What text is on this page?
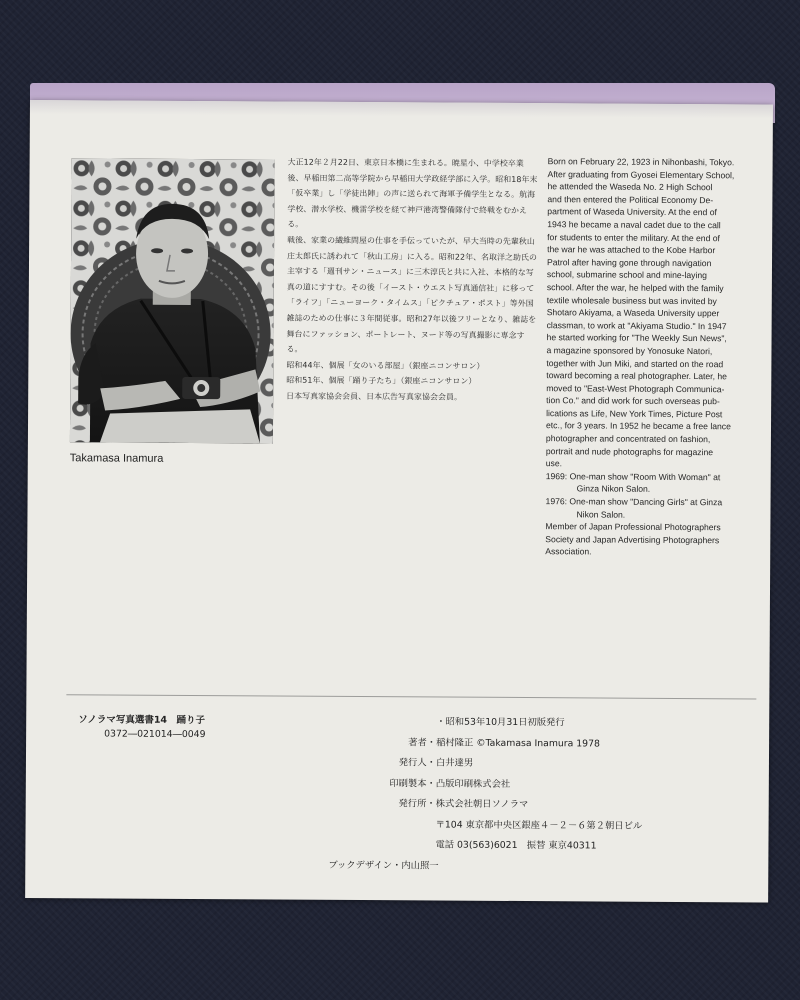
Takamasa Inamura

大正12年２月22日、東京日本橋に生まれる。暁星小、中学校卒業後、早稲田第二高等学院から早稲田大学政経学部に入学。昭和18年末「仮卒業」し「学徒出陣」の声に送られて海軍予備学生となる。航海学校、潜水学校、機雷学校を経て神戸港湾警備隊付で終戦をむかえる。

戦後、家業の繊維問屋の仕事を手伝っていたが、早大当時の先輩秋山庄太郎氏に誘われて「秋山工房」に入る。昭和22年、名取洋之助氏の主宰する「週刊サン・ニュース」に三木淳氏と共に入社、本格的な写真の道にすすむ。その後「イースト・ウエスト写真通信社」に移って「ライフ」「ニューヨーク・タイムス」「ピクチュア・ポスト」等外国雑誌のための仕事に３年間従事。昭和27年以後フリーとなり、雑誌を舞台にファッション、ポートレート、ヌード等の写真撮影に専念する。

昭和44年、個展「女のいる部屋」（銀座ニコンサロン）

昭和51年、個展「踊り子たち」（銀座ニコンサロン）

日本写真家協会会員、日本広告写真家協会会員。

Born on February 22, 1923 in Nihonbashi, Tokyo.
After graduating from Gyosei Elementary School,
he attended the Waseda No. 2 High School
and then entered the Political Economy De-
partment of Waseda University. At the end of
1943 he became a naval cadet due to the call
for students to enter the military. At the end of
the war he was attached to the Kobe Harbor
Patrol after having gone through navigation
school, submarine school and mine-laying
school. After the war, he helped with the family
textile wholesale business but was invited by
Shotaro Akiyama, a Waseda University upper
classman, to work at "Akiyama Studio." In 1947
he started working for "The Weekly Sun News",
a magazine sponsored by Yonosuke Natori,
together with Jun Miki, and started on the road
toward becoming a real photographer. Later, he
moved to "East-West Photograph Communica-
tion Co." and did work for such overseas pub-
lications as Life, New York Times, Picture Post
etc., for 3 years. In 1952 he became a free lance
photographer and concentrated on fashion,
portrait and nude photographs for magazine
use.
1969: One-man show "Room With Woman" at
Ginza Nikon Salon.
1976: One-man show "Dancing Girls" at Ginza
Nikon Salon.
Member of Japan Professional Photographers
Society and Japan Advertising Photographers
Association.
ソノラマ写真選書14　踊り子
0372―021014―0049
・昭和53年10月31日初版発行
著者・ 稲村隆正 ©Takamasa Inamura 1978
発行人・ 白井達男
印刷製本・ 凸版印刷株式会社
発行所・ 株式会社朝日ソノラマ
〒104 東京都中央区銀座４－２－６第２朝日ビル
電話 03(563)6021　振替 東京40311
ブックデザイン・内山照一
